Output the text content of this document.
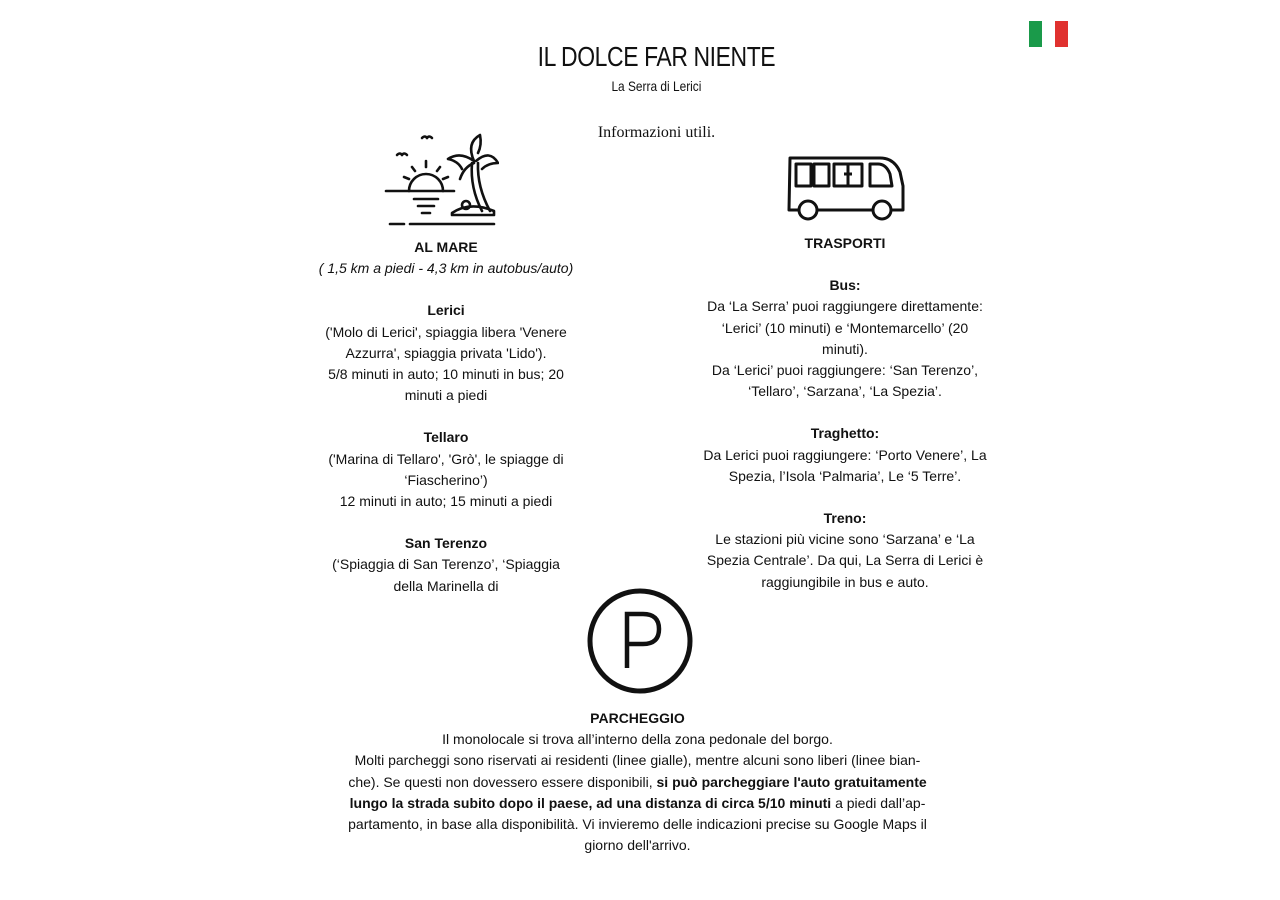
IL DOLCE FAR NIENTE
La Serra di Lerici
Informazioni utili.
AL MARE
( 1,5 km a piedi - 4,3 km in autobus/auto)
Lerici
('Molo di Lerici', spiaggia libera 'Venere
Azzurra', spiaggia privata 'Lido').
5/8 minuti in auto; 10 minuti in bus; 20
minuti a piedi
Tellaro
('Marina di Tellaro', 'Grò', le spiagge di
‘Fiascherino’)
12 minuti in auto; 15 minuti a piedi
San Terenzo
(‘Spiaggia di San Terenzo’, ‘Spiaggia
della Marinella di
TRASPORTI
Bus:
Da ‘La Serra’ puoi raggiungere direttamente:
‘Lerici’ (10 minuti) e ‘Montemarcello’ (20
minuti).
Da ‘Lerici’ puoi raggiungere: ‘San Terenzo’,
‘Tellaro’, ‘Sarzana’, ‘La Spezia’.
Traghetto:
Da Lerici puoi raggiungere: ‘Porto Venere’, La
Spezia, l’Isola ‘Palmaria’, Le ‘5 Terre’.
Treno:
Le stazioni più vicine sono ‘Sarzana’ e ‘La
Spezia Centrale’. Da qui, La Serra di Lerici è
raggiungibile in bus e auto.
PARCHEGGIO
Il monolocale si trova all’interno della zona pedonale del borgo.
Molti parcheggi sono riservati ai residenti (linee gialle), mentre alcuni sono liberi (linee bian-
che). Se questi non dovessero essere disponibili, si può parcheggiare l'auto gratuitamente
lungo la strada subito dopo il paese, ad una distanza di circa 5/10 minuti a piedi dall’ap-
partamento, in base alla disponibilità. Vi invieremo delle indicazioni precise su Google Maps il
giorno dell'arrivo.
